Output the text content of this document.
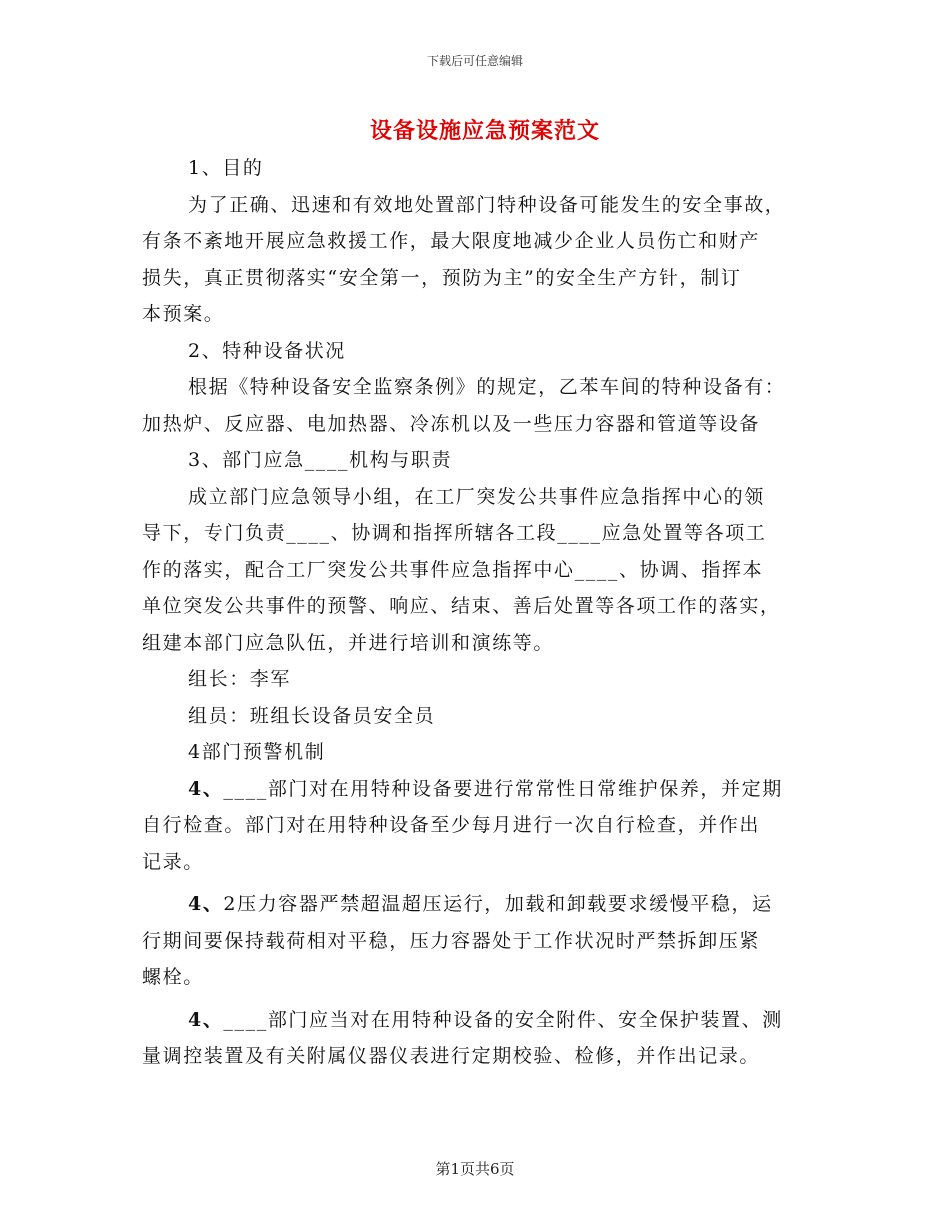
下载后可任意编辑
设备设施应急预案范文
1、目的
为了正确、迅速和有效地处置部门特种设备可能发生的安全事故，
有条不紊地开展应急救援工作，最大限度地减少企业人员伤亡和财产
损失，真正贯彻落实“安全第一，预防为主”的安全生产方针，制订
本预案。
2、特种设备状况
根据《特种设备安全监察条例》的规定，乙苯车间的特种设备有：
加热炉、反应器、电加热器、冷冻机以及一些压力容器和管道等设备
3、部门应急____机构与职责
成立部门应急领导小组，在工厂突发公共事件应急指挥中心的领
导下，专门负责____、协调和指挥所辖各工段____应急处置等各项工
作的落实，配合工厂突发公共事件应急指挥中心____、协调、指挥本
单位突发公共事件的预警、响应、结束、善后处置等各项工作的落实，
组建本部门应急队伍，并进行培训和演练等。
组长：李军
组员：班组长设备员安全员
4部门预警机制
4、____部门对在用特种设备要进行常常性日常维护保养，并定期
自行检查。部门对在用特种设备至少每月进行一次自行检查，并作出
记录。
4、2压力容器严禁超温超压运行，加载和卸载要求缓慢平稳，运
行期间要保持载荷相对平稳，压力容器处于工作状况时严禁拆卸压紧
螺栓。
4、____部门应当对在用特种设备的安全附件、安全保护装置、测
量调控装置及有关附属仪器仪表进行定期校验、检修，并作出记录。
第1页共6页
